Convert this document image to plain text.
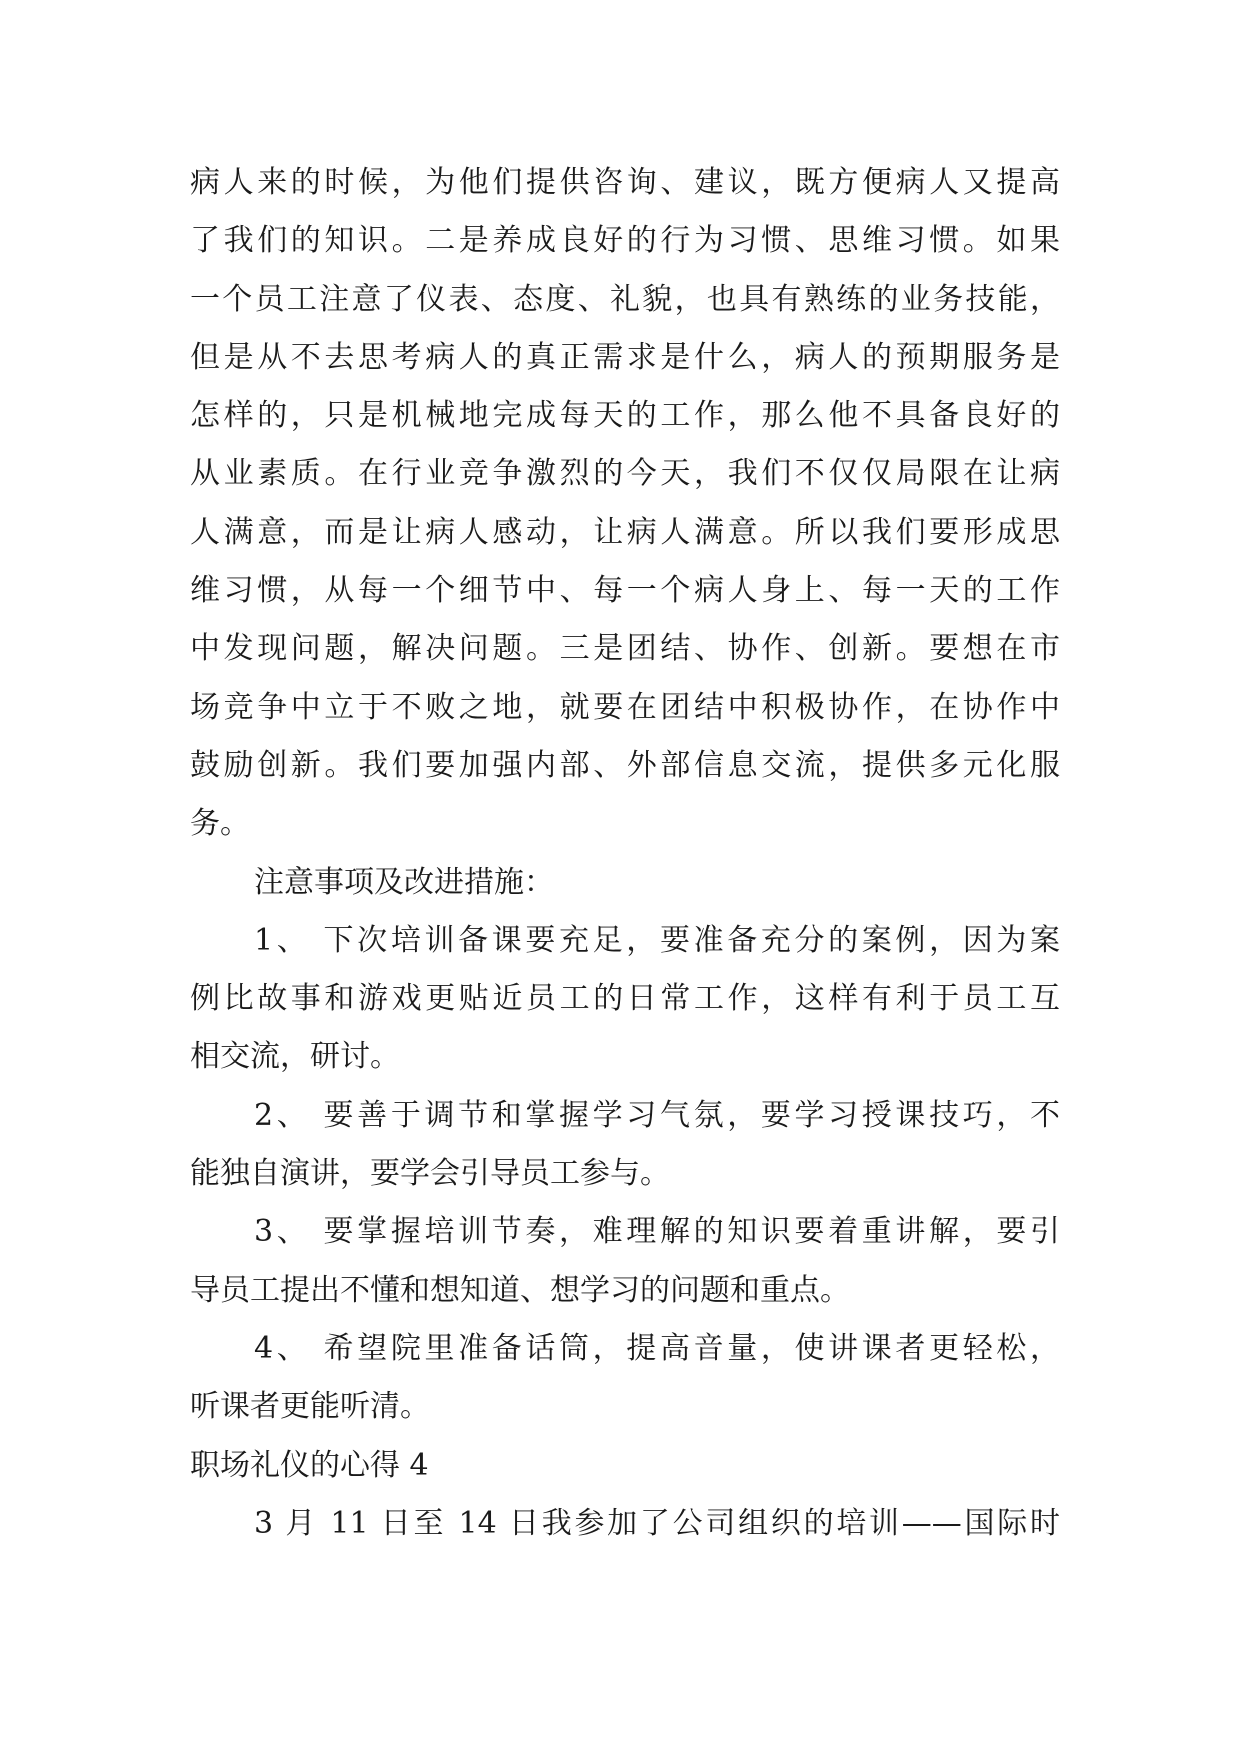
病人来的时候，为他们提供咨询、建议，既方便病人又提高
了我们的知识。二是养成良好的行为习惯、思维习惯。如果
一个员工注意了仪表、态度、礼貌，也具有熟练的业务技能，
但是从不去思考病人的真正需求是什么，病人的预期服务是
怎样的，只是机械地完成每天的工作，那么他不具备良好的
从业素质。在行业竞争激烈的今天，我们不仅仅局限在让病
人满意，而是让病人感动，让病人满意。所以我们要形成思
维习惯，从每一个细节中、每一个病人身上、每一天的工作
中发现问题，解决问题。三是团结、协作、创新。要想在市
场竞争中立于不败之地，就要在团结中积极协作，在协作中
鼓励创新。我们要加强内部、外部信息交流，提供多元化服
务。
注意事项及改进措施：
1、 下次培训备课要充足，要准备充分的案例，因为案
例比故事和游戏更贴近员工的日常工作，这样有利于员工互
相交流，研讨。
2、 要善于调节和掌握学习气氛，要学习授课技巧，不
能独自演讲，要学会引导员工参与。
3、 要掌握培训节奏，难理解的知识要着重讲解，要引
导员工提出不懂和想知道、想学习的问题和重点。
4、 希望院里准备话筒，提高音量，使讲课者更轻松，
听课者更能听清。
职场礼仪的心得 4
3 月 11 日至 14 日我参加了公司组织的培训——国际时
